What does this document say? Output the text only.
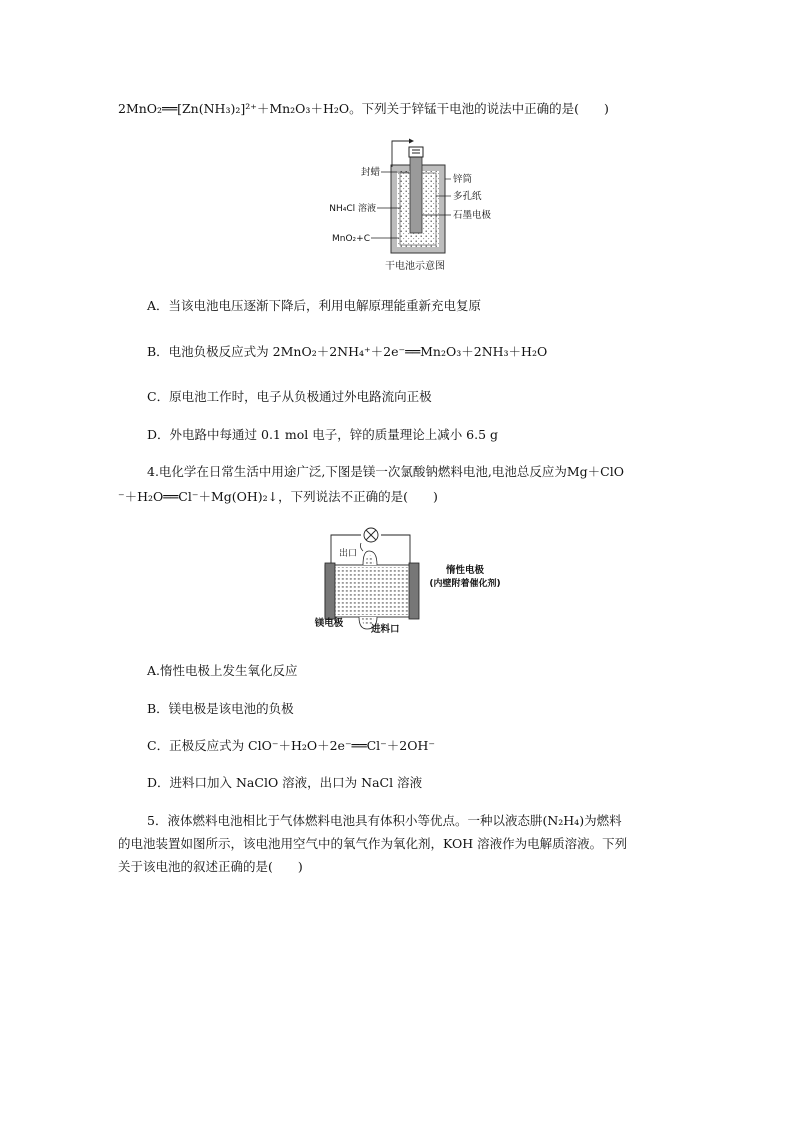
2MnO₂══[Zn(NH₃)₂]²⁺＋Mn₂O₃＋H₂O。下列关于锌锰干电池的说法中正确的是(　　)
封蜡
NH₄Cl 溶液
MnO₂+C
锌筒
多孔纸
石墨电极
干电池示意图
A．当该电池电压逐渐下降后，利用电解原理能重新充电复原
B．电池负极反应式为 2MnO₂＋2NH₄⁺＋2e⁻══Mn₂O₃＋2NH₃＋H₂O
C．原电池工作时，电子从负极通过外电路流向正极
D．外电路中每通过 0.1 mol 电子，锌的质量理论上减小 6.5 g
4.电化学在日常生活中用途广泛,下图是镁一次氯酸钠燃料电池,电池总反应为Mg＋ClO
⁻＋H₂O══Cl⁻＋Mg(OH)₂↓，下列说法不正确的是(　　)
出口
惰性电极
(内壁附着催化剂)
镁电极
进料口
A.惰性电极上发生氧化反应
B．镁电极是该电池的负极
C．正极反应式为 ClO⁻＋H₂O＋2e⁻══Cl⁻＋2OH⁻
D．进料口加入 NaClO 溶液，出口为 NaCl 溶液
5．液体燃料电池相比于气体燃料电池具有体积小等优点。一种以液态肼(N₂H₄)为燃料
的电池装置如图所示，该电池用空气中的氧气作为氧化剂，KOH 溶液作为电解质溶液。下列
关于该电池的叙述正确的是(　　)
